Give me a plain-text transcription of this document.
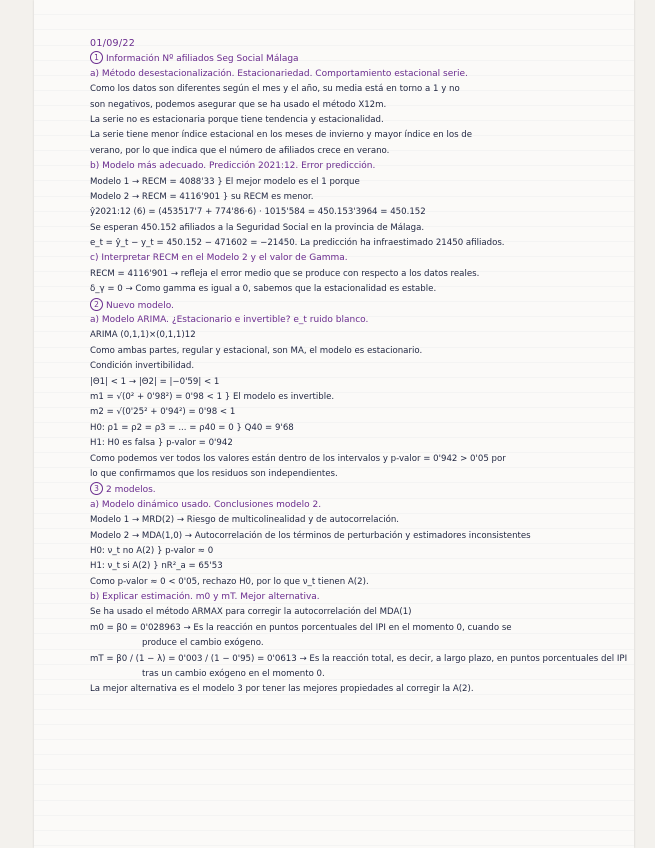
01/09/22
1 Información Nº afiliados Seg Social Málaga
a) Método desestacionalización. Estacionariedad. Comportamiento estacional serie.
Como los datos son diferentes según el mes y el año, su media está en torno a 1 y no
son negativos, podemos asegurar que se ha usado el método X12m.
La serie no es estacionaria porque tiene tendencia y estacionalidad.
La serie tiene menor índice estacional en los meses de invierno y mayor índice en los de
verano, por lo que indica que el número de afiliados crece en verano.
b) Modelo más adecuado. Predicción 2021:12. Error predicción.
Modelo 1 → RECM = 4088'33 } El mejor modelo es el 1 porque
Modelo 2 → RECM = 4116'901 } su RECM es menor.
ŷ2021:12 (6) = (453517'7 + 774'86·6) · 1015'584 = 450.153'3964 = 450.152
Se esperan 450.152 afiliados a la Seguridad Social en la provincia de Málaga.
e_t = ŷ_t − y_t = 450.152 − 471602 = −21450. La predicción ha infraestimado 21450 afiliados.
c) Interpretar RECM en el Modelo 2 y el valor de Gamma.
RECM = 4116'901 → refleja el error medio que se produce con respecto a los datos reales.
δ_γ = 0 → Como gamma es igual a 0, sabemos que la estacionalidad es estable.
2 Nuevo modelo.
a) Modelo ARIMA. ¿Estacionario e invertible? e_t ruido blanco.
ARIMA (0,1,1)×(0,1,1)12
Como ambas partes, regular y estacional, son MA, el modelo es estacionario.
Condición invertibilidad.
|Θ1| < 1 → |Θ2| = |−0'59| < 1
m1 = √(0² + 0'98²) = 0'98 < 1 } El modelo es invertible.
m2 = √(0'25² + 0'94²) = 0'98 < 1
H0: ρ1 = ρ2 = ρ3 = ... = ρ40 = 0 } Q40 = 9'68
H1: H0 es falsa } p-valor = 0'942
Como podemos ver todos los valores están dentro de los intervalos y p-valor = 0'942 > 0'05 por
lo que confirmamos que los residuos son independientes.
3 2 modelos.
a) Modelo dinámico usado. Conclusiones modelo 2.
Modelo 1 → MRD(2) → Riesgo de multicolinealidad y de autocorrelación.
Modelo 2 → MDA(1,0) → Autocorrelación de los términos de perturbación y estimadores inconsistentes
H0: ν_t no A(2) } p-valor ≈ 0
H1: ν_t si A(2) } nR²_a = 65'53
Como p-valor ≈ 0 < 0'05, rechazo H0, por lo que ν_t tienen A(2).
b) Explicar estimación. m0 y mT. Mejor alternativa.
Se ha usado el método ARMAX para corregir la autocorrelación del MDA(1)
m0 = β0 = 0'028963 → Es la reacción en puntos porcentuales del IPI en el momento 0, cuando se
produce el cambio exógeno.
mT = β0 / (1 − λ) = 0'003 / (1 − 0'95) = 0'0613 → Es la reacción total, es decir, a largo plazo, en puntos porcentuales del IPI
tras un cambio exógeno en el momento 0.
La mejor alternativa es el modelo 3 por tener las mejores propiedades al corregir la A(2).
